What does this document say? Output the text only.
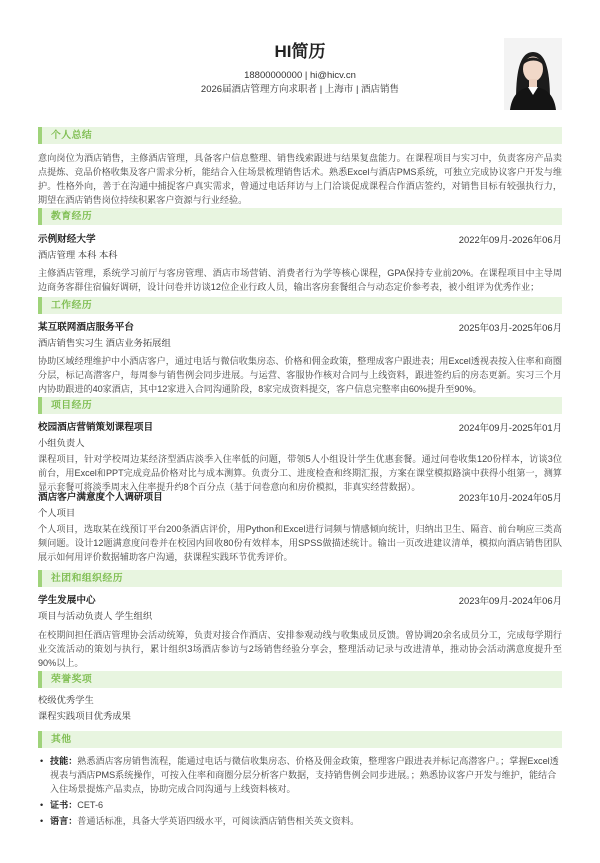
HI简历
18800000000 | hi@hicv.cn
2026届酒店管理方向求职者 | 上海市 | 酒店销售
个人总结
意向岗位为酒店销售，主修酒店管理，具备客户信息整理、销售线索跟进与结果复盘能力。在课程项目与实习中，负责客房产品卖点提炼、竞品价格收集及客户需求分析，能结合入住场景梳理销售话术。熟悉Excel与酒店PMS系统，可独立完成协议客户开发与维护。性格外向，善于在沟通中捕捉客户真实需求，曾通过电话拜访与上门洽谈促成课程合作酒店签约，对销售目标有较强执行力，期望在酒店销售岗位持续积累客户资源与行业经验。
教育经历
示例财经大学	2022年09月-2026年06月
酒店管理 本科 本科
主修酒店管理，系统学习前厅与客房管理、酒店市场营销、消费者行为学等核心课程，GPA保持专业前20%。在课程项目中主导周边商务客群住宿偏好调研，设计问卷并访谈12位企业行政人员，输出客房套餐组合与动态定价参考表，被小组评为优秀作业；
工作经历
某互联网酒店服务平台	2025年03月-2025年06月
酒店销售实习生 酒店业务拓展组
协助区域经理维护中小酒店客户，通过电话与微信收集房态、价格和佣金政策，整理成客户跟进表；用Excel透视表按入住率和商圈分层，标记高潜客户，每周参与销售例会同步进展。与运营、客服协作核对合同与上线资料，跟进签约后的房态更新。实习三个月内协助跟进的40家酒店，其中12家进入合同沟通阶段，8家完成资料提交，客户信息完整率由60%提升至90%。
项目经历
校园酒店营销策划课程项目	2024年09月-2025年01月
小组负责人
课程项目，针对学校周边某经济型酒店淡季入住率低的问题，带领5人小组设计学生优惠套餐。通过问卷收集120份样本，访谈3位前台，用Excel和PPT完成竞品价格对比与成本测算。负责分工、进度检查和终期汇报，方案在课堂模拟路演中获得小组第一，测算显示套餐可将淡季周末入住率提升约8个百分点（基于问卷意向和房价模拟，非真实经营数据）。
酒店客户满意度个人调研项目	2023年10月-2024年05月
个人项目
个人项目，选取某在线预订平台200条酒店评价，用Python和Excel进行词频与情感倾向统计，归纳出卫生、隔音、前台响应三类高频问题。设计12题满意度问卷并在校园内回收80份有效样本，用SPSS做描述统计。输出一页改进建议清单，模拟向酒店销售团队展示如何用评价数据辅助客户沟通，获课程实践环节优秀评价。
社团和组织经历
学生发展中心	2023年09月-2024年06月
项目与活动负责人 学生组织
在校期间担任酒店管理协会活动统筹，负责对接合作酒店、安排参观动线与收集成员反馈。曾协调20余名成员分工，完成每学期行业交流活动的策划与执行，累计组织3场酒店参访与2场销售经验分享会，整理活动记录与改进清单，推动协会活动满意度提升至90%以上。
荣誉奖项
校级优秀学生
课程实践项目优秀成果
其他
• 技能：熟悉酒店客房销售流程，能通过电话与微信收集房态、价格及佣金政策，整理客户跟进表并标记高潜客户。；掌握Excel透视表与酒店PMS系统操作，可按入住率和商圈分层分析客户数据，支持销售例会同步进展。；熟悉协议客户开发与维护，能结合入住场景提炼产品卖点，协助完成合同沟通与上线资料核对。
• 证书：CET-6
• 语言：普通话标准，具备大学英语四级水平，可阅读酒店销售相关英文资料。
